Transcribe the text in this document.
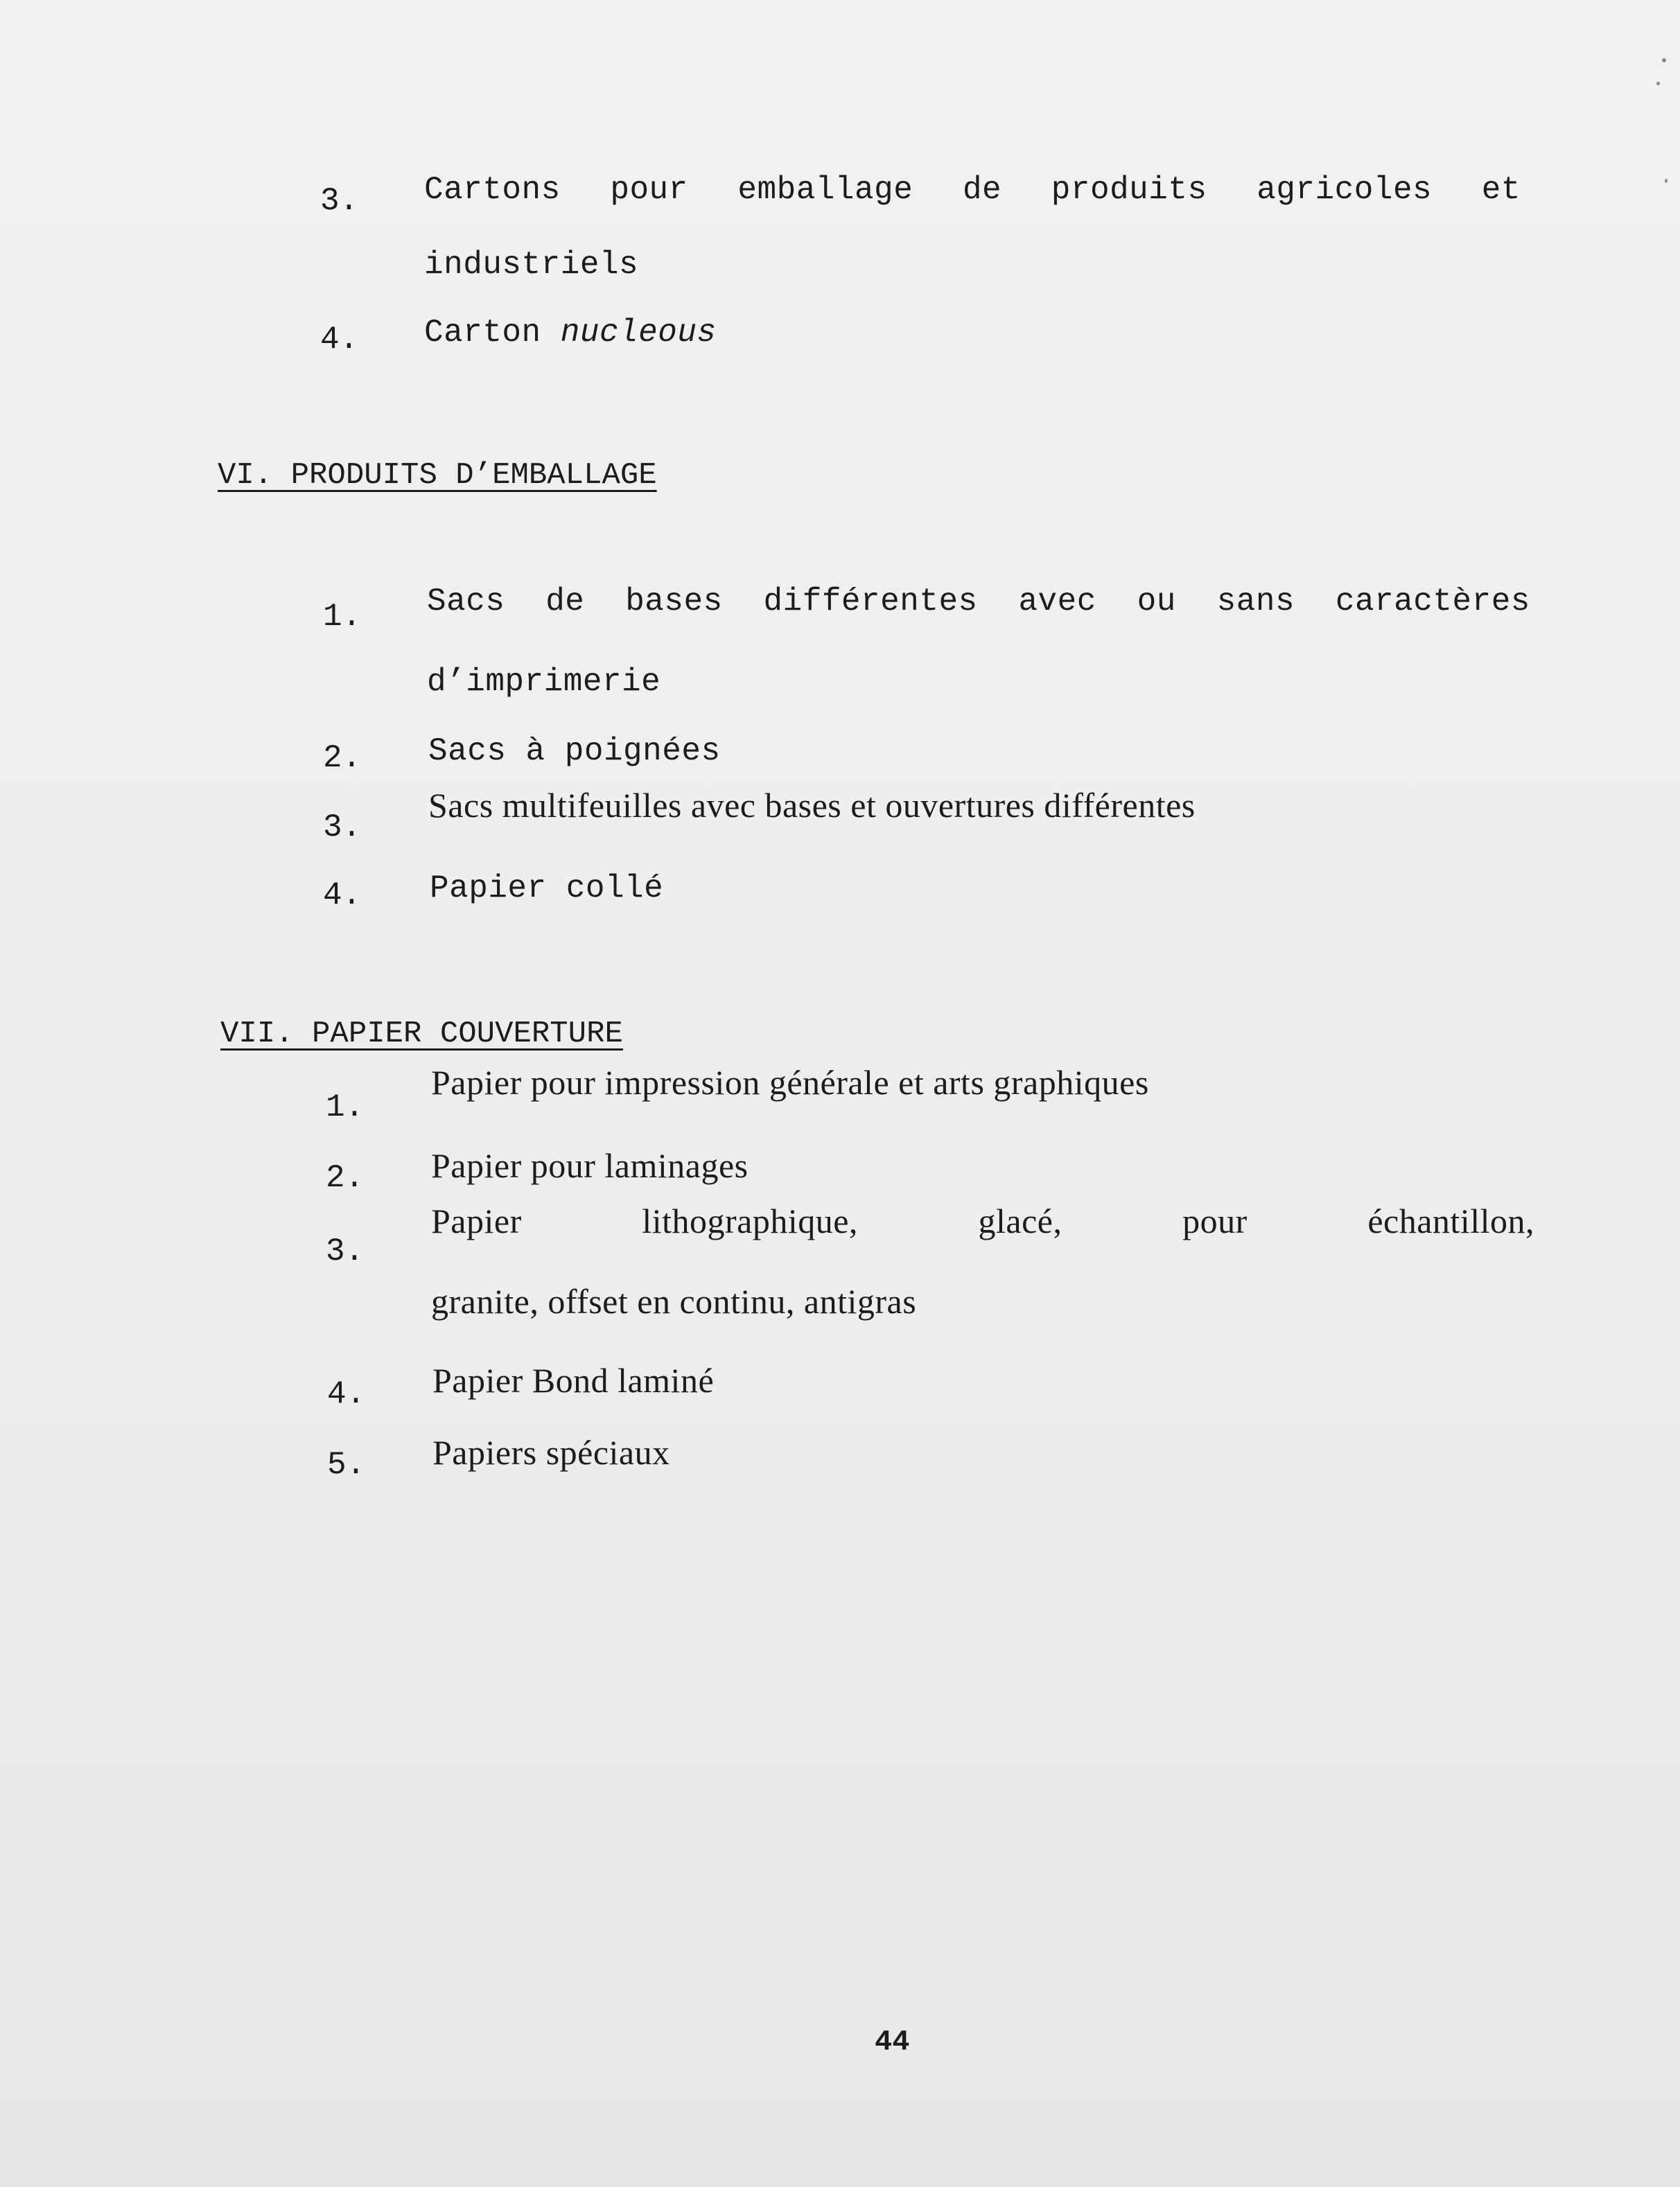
3. Cartons pour emballage de produits agricoles et
industriels
4. Carton nucleous
VI. PRODUITS D’EMBALLAGE
1. Sacs de bases différentes avec ou sans caractères
d’imprimerie
2. Sacs à poignées
3.
Sacs multifeuilles avec bases et ouvertures différentes
4. Papier collé
VII. PAPIER COUVERTURE
1.
Papier pour impression générale et arts graphiques
2. Papier pour laminages
3.
Papier	lithographique,	glacé,	pour	échantillon,
granite, offset en continu, antigras
4. Papier Bond laminé
5. Papiers spéciaux
44
